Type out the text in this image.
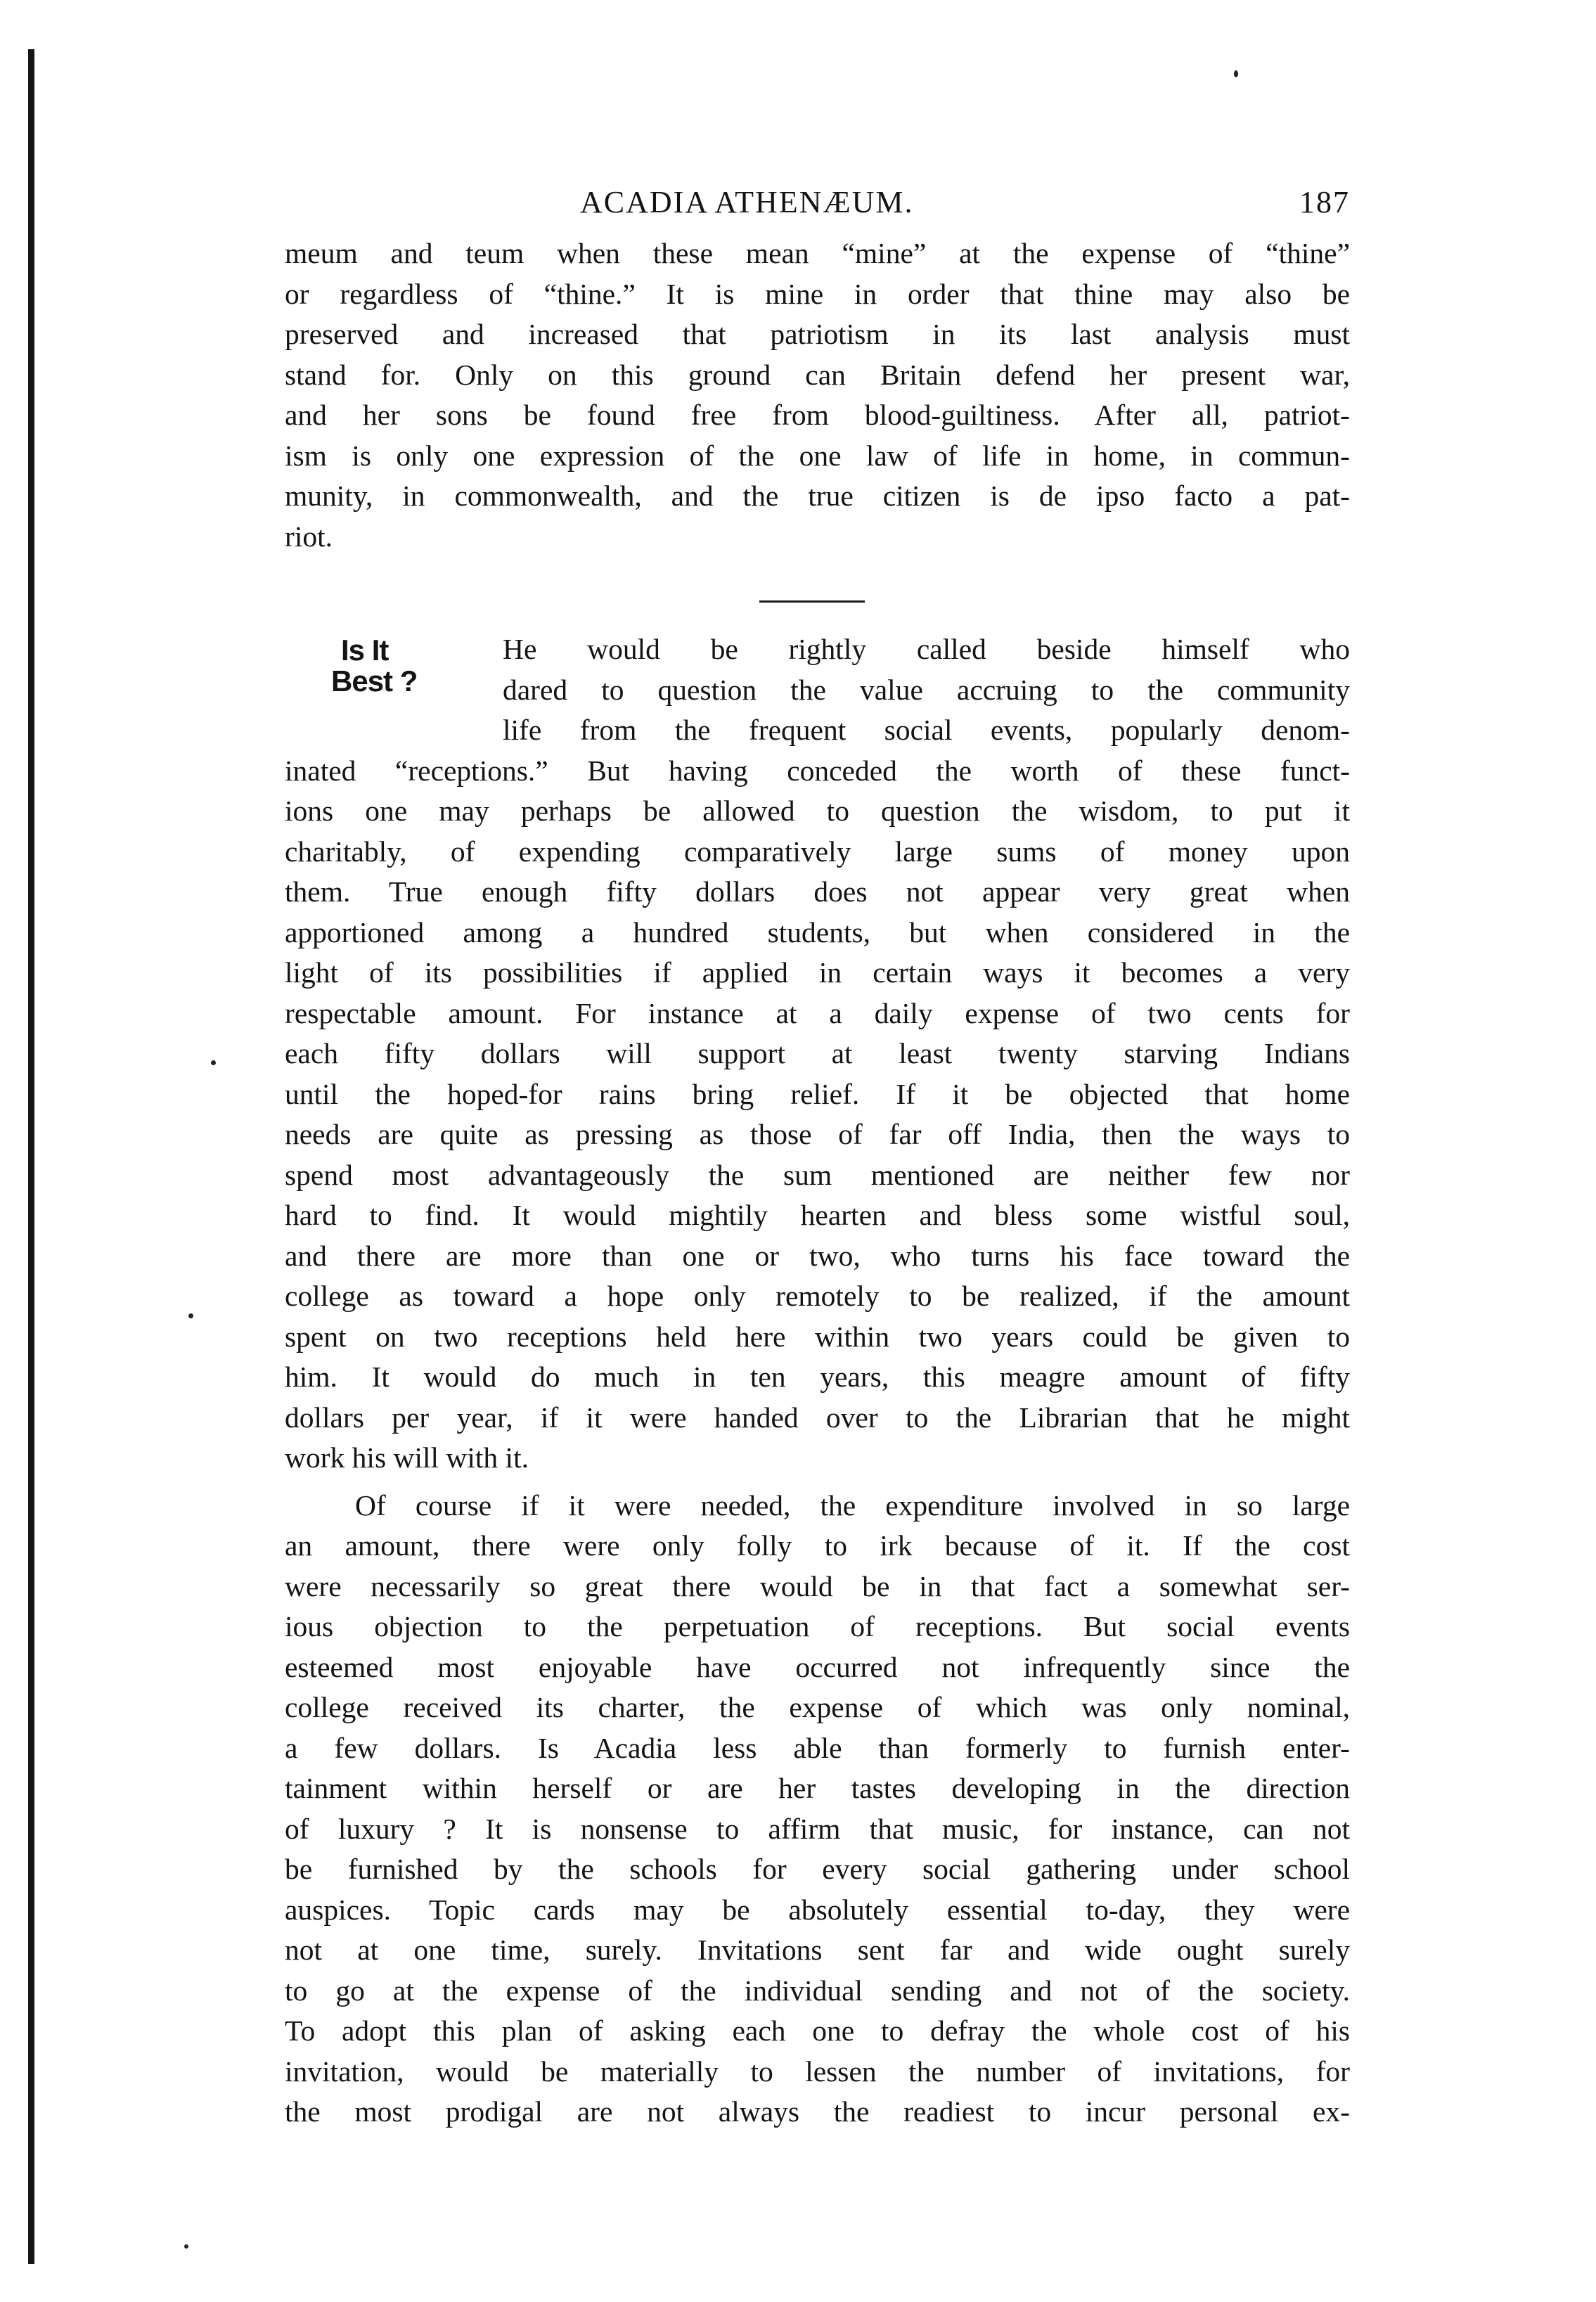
ACADIA ATHENÆUM.	187

meum and teum when these mean “mine” at the expense of “thine”
or regardless of “thine.” It is mine in order that thine may also be
preserved and increased that patriotism in its last analysis must
stand for. Only on this ground can Britain defend her present war,
and her sons be found free from blood-guiltiness. After all, patriot-
ism is only one expression of the one law of life in home, in commun-
munity, in commonwealth, and the true citizen is de ipso facto a pat-
riot.

Is It
Best ?

He would be rightly called beside himself who
dared to question the value accruing to the community
life from the frequent social events, popularly denom-

inated “receptions.” But having conceded the worth of these funct-
ions one may perhaps be allowed to question the wisdom, to put it
charitably, of expending comparatively large sums of money upon
them. True enough fifty dollars does not appear very great when
apportioned among a hundred students, but when considered in the
light of its possibilities if applied in certain ways it becomes a very
respectable amount. For instance at a daily expense of two cents for
each fifty dollars will support at least twenty starving Indians
until the hoped-for rains bring relief. If it be objected that home
needs are quite as pressing as those of far off India, then the ways to
spend most advantageously the sum mentioned are neither few nor
hard to find. It would mightily hearten and bless some wistful soul,
and there are more than one or two, who turns his face toward the
college as toward a hope only remotely to be realized, if the amount
spent on two receptions held here within two years could be given to
him. It would do much in ten years, this meagre amount of fifty
dollars per year, if it were handed over to the Librarian that he might
work his will with it.

Of course if it were needed, the expenditure involved in so large
an amount, there were only folly to irk because of it. If the cost
were necessarily so great there would be in that fact a somewhat ser-
ious objection to the perpetuation of receptions. But social events
esteemed most enjoyable have occurred not infrequently since the
college received its charter, the expense of which was only nominal,
a few dollars. Is Acadia less able than formerly to furnish enter-
tainment within herself or are her tastes developing in the direction
of luxury ? It is nonsense to affirm that music, for instance, can not
be furnished by the schools for every social gathering under school
auspices. Topic cards may be absolutely essential to-day, they were
not at one time, surely. Invitations sent far and wide ought surely
to go at the expense of the individual sending and not of the society.
To adopt this plan of asking each one to defray the whole cost of his
invitation, would be materially to lessen the number of invitations, for
the most prodigal are not always the readiest to incur personal ex-
